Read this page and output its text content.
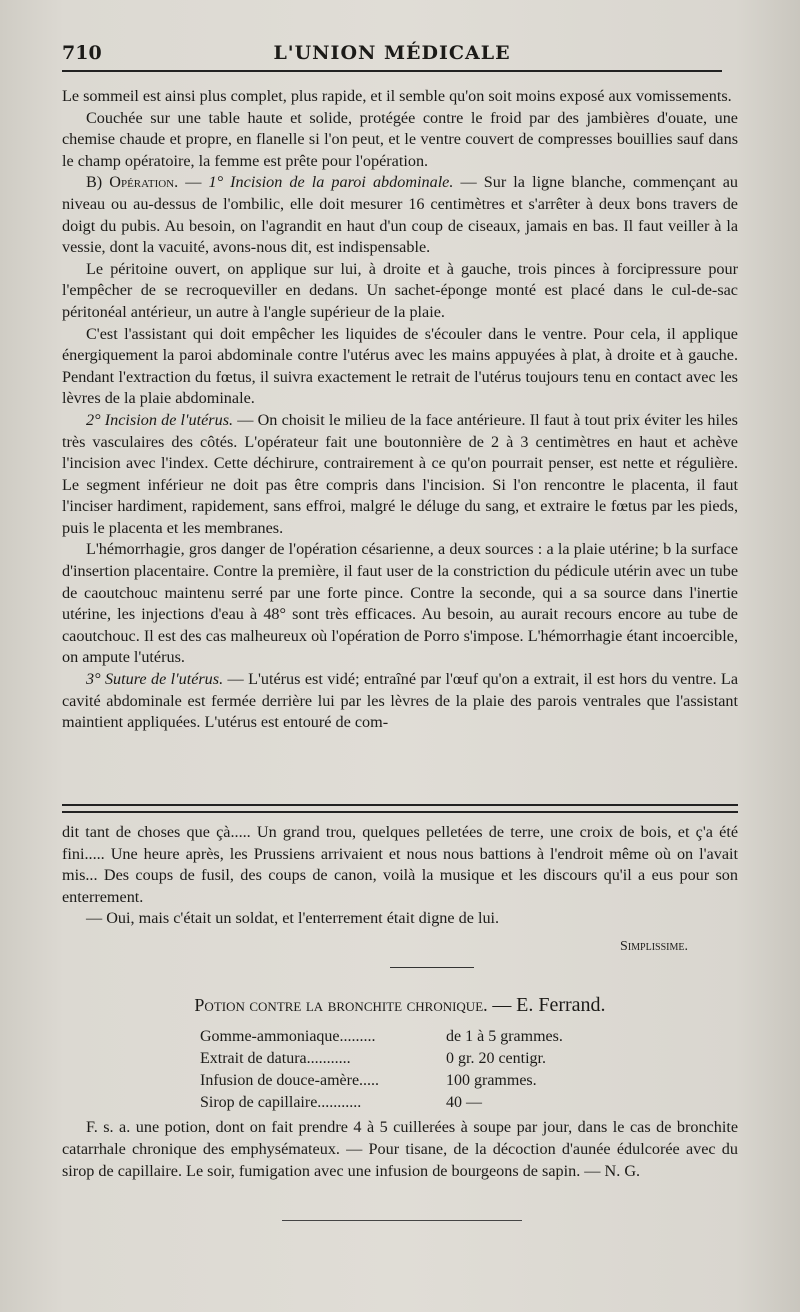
710	L'UNION MÉDICALE

Le sommeil est ainsi plus complet, plus rapide, et il semble qu'on soit moins exposé aux vomissements.

Couchée sur une table haute et solide, protégée contre le froid par des jambières d'ouate, une chemise chaude et propre, en flanelle si l'on peut, et le ventre couvert de compresses bouillies sauf dans le champ opératoire, la femme est prête pour l'opération.

B) Opération. — 1° Incision de la paroi abdominale. — Sur la ligne blanche, commençant au niveau ou au-dessus de l'ombilic, elle doit mesurer 16 centimètres et s'arrêter à deux bons travers de doigt du pubis. Au besoin, on l'agrandit en haut d'un coup de ciseaux, jamais en bas. Il faut veiller à la vessie, dont la vacuité, avons-nous dit, est indispensable.

Le péritoine ouvert, on applique sur lui, à droite et à gauche, trois pinces à forcipressure pour l'empêcher de se recroqueviller en dedans. Un sachet-éponge monté est placé dans le cul-de-sac péritonéal antérieur, un autre à l'angle supérieur de la plaie.

C'est l'assistant qui doit empêcher les liquides de s'écouler dans le ventre. Pour cela, il applique énergiquement la paroi abdominale contre l'utérus avec les mains appuyées à plat, à droite et à gauche. Pendant l'extraction du fœtus, il suivra exactement le retrait de l'utérus toujours tenu en contact avec les lèvres de la plaie abdominale.

2° Incision de l'utérus. — On choisit le milieu de la face antérieure. Il faut à tout prix éviter les hiles très vasculaires des côtés. L'opérateur fait une boutonnière de 2 à 3 centimètres en haut et achève l'incision avec l'index. Cette déchirure, contrairement à ce qu'on pourrait penser, est nette et régulière. Le segment inférieur ne doit pas être compris dans l'incision. Si l'on rencontre le placenta, il faut l'inciser hardiment, rapidement, sans effroi, malgré le déluge du sang, et extraire le fœtus par les pieds, puis le placenta et les membranes.

L'hémorrhagie, gros danger de l'opération césarienne, a deux sources : a la plaie utérine; b la surface d'insertion placentaire. Contre la première, il faut user de la constriction du pédicule utérin avec un tube de caoutchouc maintenu serré par une forte pince. Contre la seconde, qui a sa source dans l'inertie utérine, les injections d'eau à 48° sont très efficaces. Au besoin, au aurait recours encore au tube de caoutchouc. Il est des cas malheureux où l'opération de Porro s'impose. L'hémorrhagie étant incoercible, on ampute l'utérus.

3° Suture de l'utérus. — L'utérus est vidé; entraîné par l'œuf qu'on a extrait, il est hors du ventre. La cavité abdominale est fermée derrière lui par les lèvres de la plaie des parois ventrales que l'assistant maintient appliquées. L'utérus est entouré de com-

dit tant de choses que çà..... Un grand trou, quelques pelletées de terre, une croix de bois, et ç'a été fini..... Une heure après, les Prussiens arrivaient et nous nous battions à l'endroit même où on l'avait mis... Des coups de fusil, des coups de canon, voilà la musique et les discours qu'il a eus pour son enterrement.

— Oui, mais c'était un soldat, et l'enterrement était digne de lui.

Simplissime.

Potion contre la bronchite chronique. — E. Ferrand.
Gomme-ammoniaque.........	de 1 à 5 grammes.
Extrait de datura...........	0 gr. 20 centigr.
Infusion de douce-amère.....	100 grammes.
Sirop de capillaire...........	40 —

F. s. a. une potion, dont on fait prendre 4 à 5 cuillerées à soupe par jour, dans le cas de bronchite catarrhale chronique des emphysémateux. — Pour tisane, de la décoction d'aunée édulcorée avec du sirop de capillaire. Le soir, fumigation avec une infusion de bourgeons de sapin. — N. G.
